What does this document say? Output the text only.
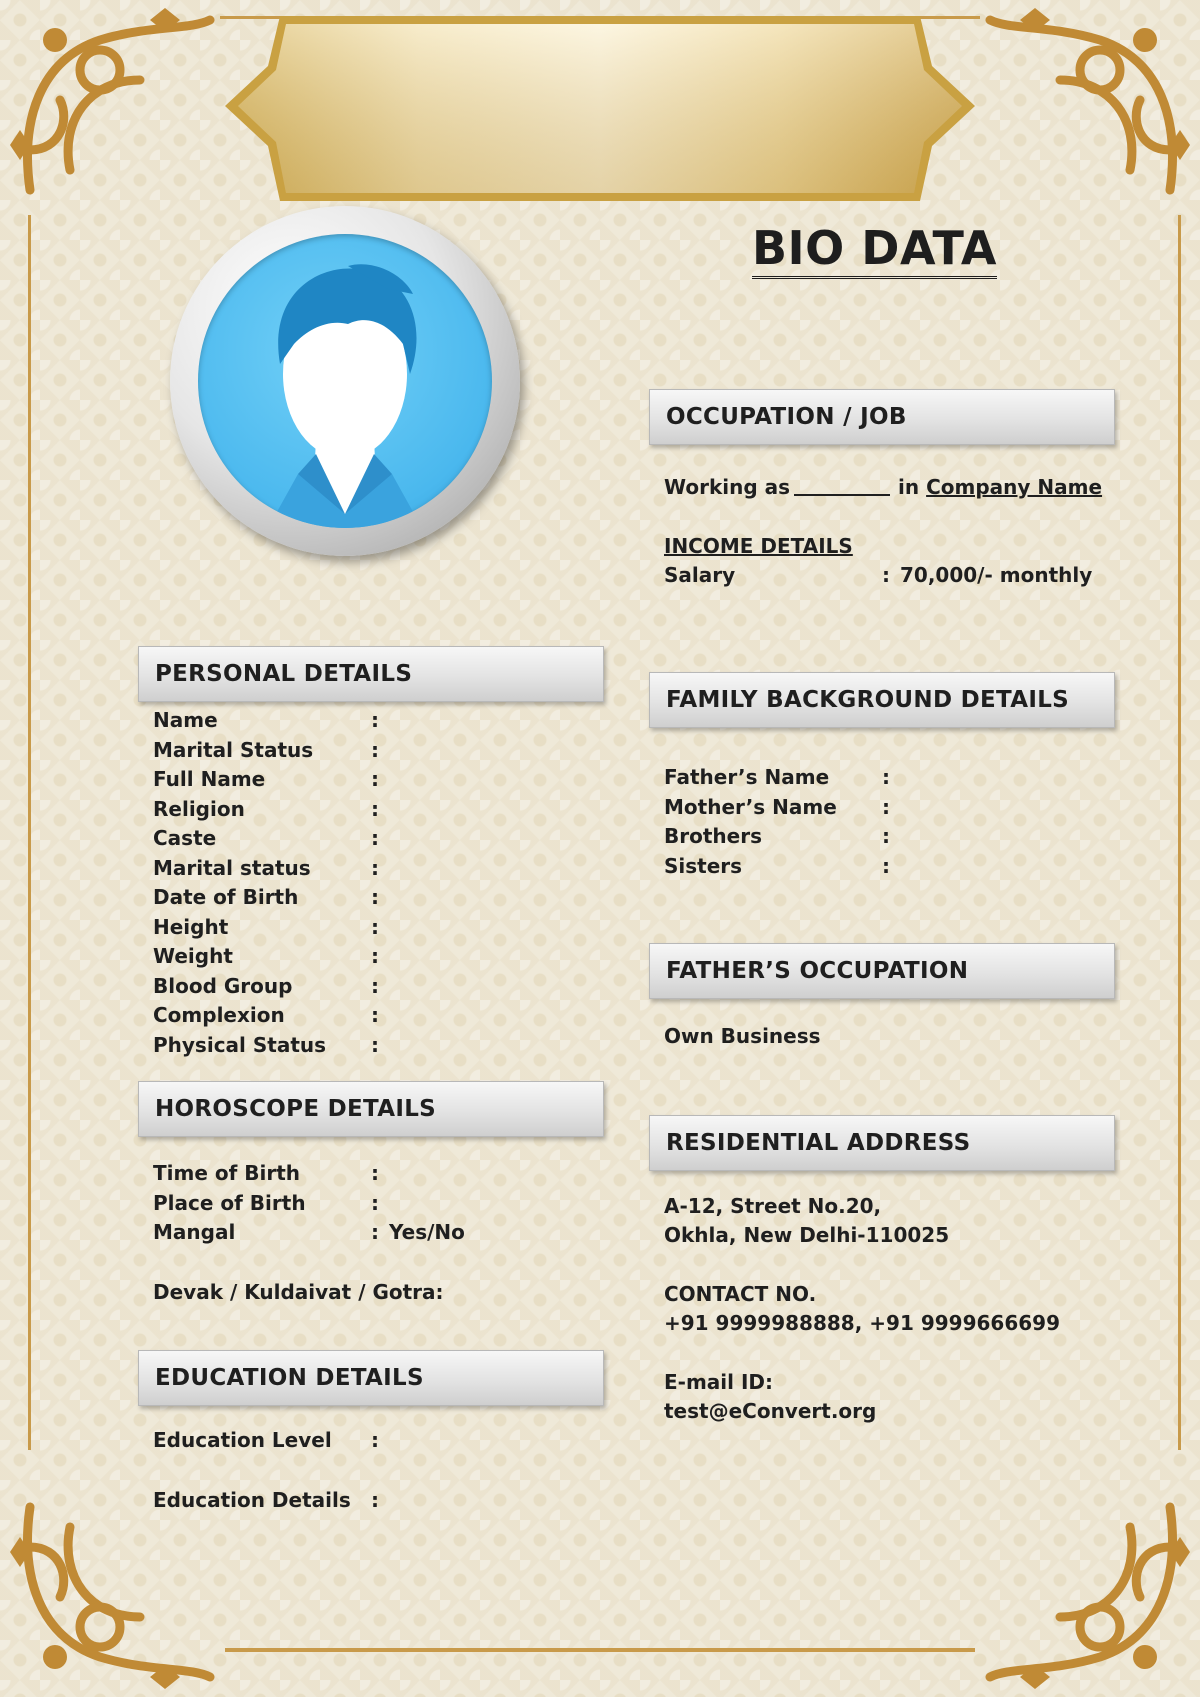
BIO DATA
OCCUPATION / JOB
Working as	in Company Name
INCOME DETAILS
Salary	: 70,000/- monthly
PERSONAL DETAILS
Name	:
Marital Status	:
Full Name	:
Religion	:
Caste	:
Marital status	:
Date of Birth	:
Height	:
Weight	:
Blood Group	:
Complexion	:
Physical Status :
HOROSCOPE DETAILS
Time of Birth	:
Place of Birth	:
Mangal	: Yes/No
Devak / Kuldaivat / Gotra:
EDUCATION DETAILS
Education Level :
Education Details :
FAMILY BACKGROUND DETAILS
Father’s Name	:
Mother’s Name :
Brothers	:
Sisters	:
FATHER’S OCCUPATION
Own Business
RESIDENTIAL ADDRESS
A-12, Street No.20,
Okhla, New Delhi-110025
CONTACT NO.
+91 9999988888, +91 9999666699
E-mail ID:
test@eConvert.org
